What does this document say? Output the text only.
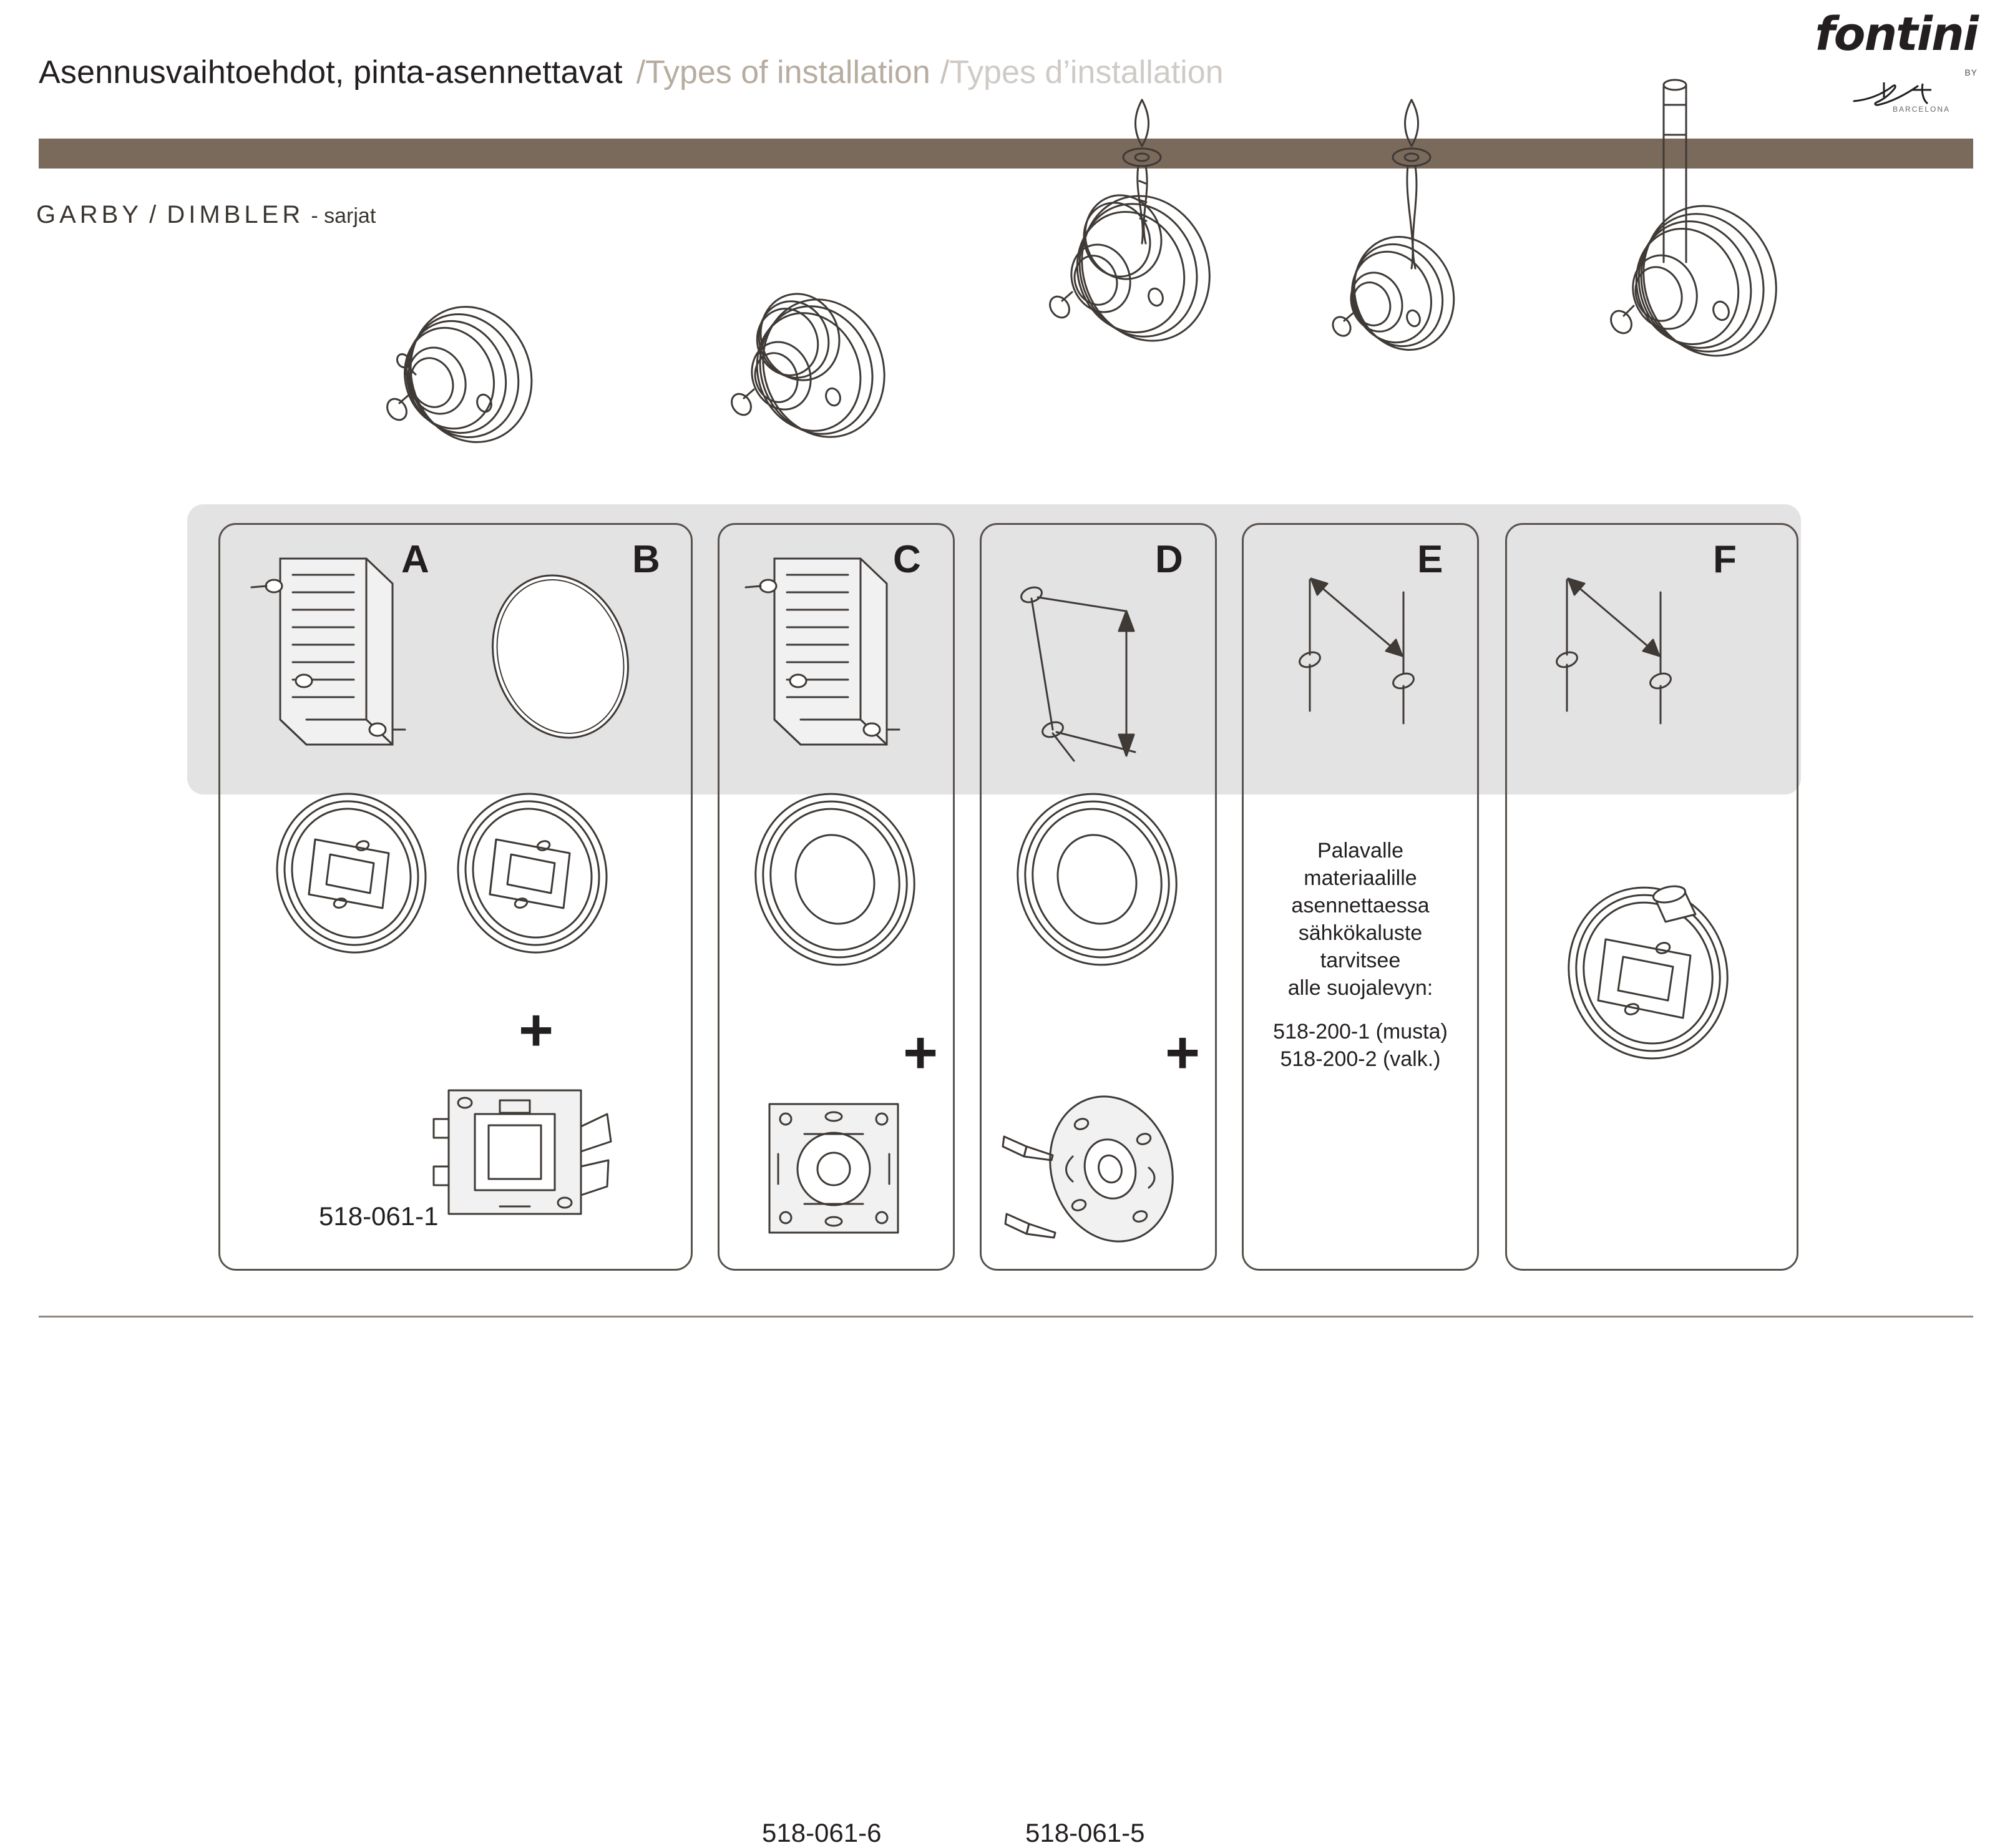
Asennusvaihtoehdot, pinta-asennettavat / Types of installation / Types d’installation
fontini
BY
BARCELONA
GARBY / DIMBLER - sarjat
A	B
+
518-061-1
C
+
518-061-6
D
+
518-061-5
E
Palavalle
materiaalille
asennettaessa
sähkökaluste
tarvitsee
alle suojalevyn:
518-200-1 (musta)
518-200-2 (valk.)
F
